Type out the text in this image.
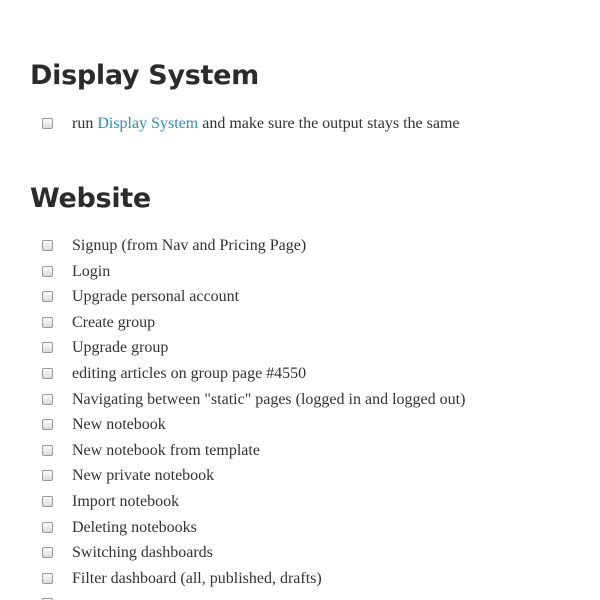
Display System
run Display System and make sure the output stays the same
Website
Signup (from Nav and Pricing Page)
Login
Upgrade personal account
Create group
Upgrade group
editing articles on group page #4550
Navigating between "static" pages (logged in and logged out)
New notebook
New notebook from template
New private notebook
Import notebook
Deleting notebooks
Switching dashboards
Filter dashboard (all, published, drafts)
